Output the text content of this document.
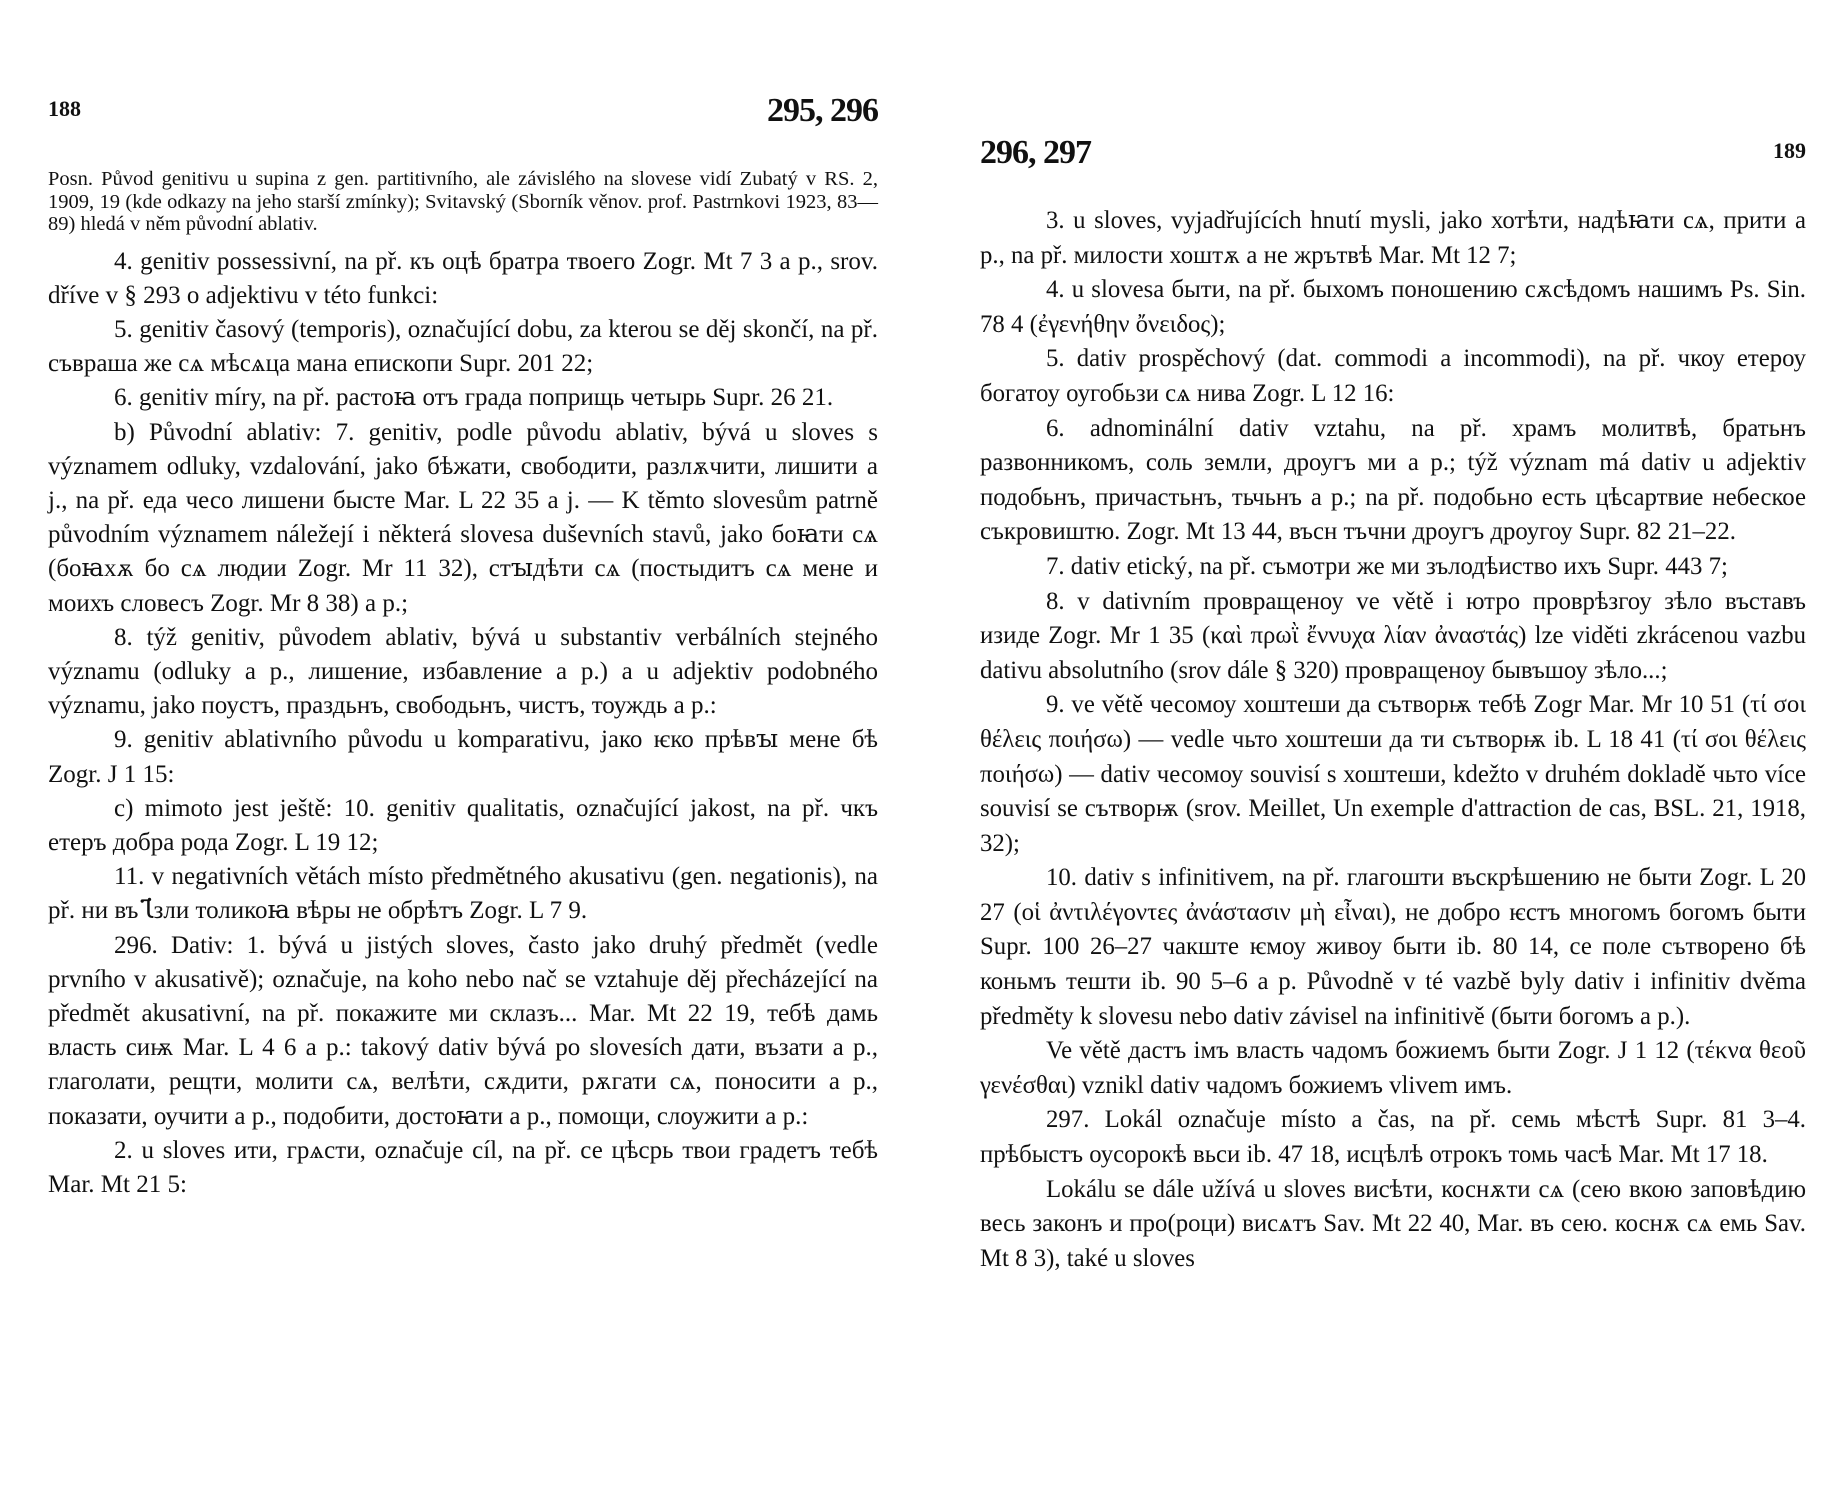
188	295, 296

Posn. Původ genitivu u supina z gen. partitivního, ale závislého na slovese vidí Zubatý v RS. 2, 1909, 19 (kde odkazy na jeho starší zmínky); Svitavský (Sborník věnov. prof. Pastrnkovi 1923, 83—89) hledá v něm původní ablativ.

4. genitiv possessivní, na př. къ оцѣ братра твоего Zogr. Mt 7 3 a p., srov. dříve v § 293 o adjektivu v této funkci:

5. genitiv časový (temporis), označující dobu, za kterou se děj skončí, na př. съвраша же сѧ мѣсѧца мана епископи Supr. 201 22;

6. genitiv míry, na př. растоꙗ отъ града поприщь четырь Supr. 26 21.

b) Původní ablativ: 7. genitiv, podle původu ablativ, bývá u sloves s významem odluky, vzdalování, jako бѣжати, свободити, разлѫчити, лишити a j., na př. еда чесо лишени бысте Mar. L 22 35 a j. — K těmto slovesům patrně původním významem náležejí i některá slovesa duševních stavů, jako боꙗти сѧ (боꙗхѫ бо сѧ людии Zogr. Mr 11 32), стꙑдѣти сѧ (постыдитъ сѧ мене и моихъ словесъ Zogr. Mr 8 38) a p.;

8. týž genitiv, původem ablativ, bývá u substantiv verbálních stejného významu (odluky a p., лишение, избавление a p.) a u adjektiv podobného významu, jako поустъ, праздьнъ, свободьнъ, чистъ, тоуждь a p.:

9. genitiv ablativního původu u komparativu, jако ѥко прѣвꙑ мене бѣ Zogr. J 1 15:

c) mimoto jest ještě: 10. genitiv qualitatis, označující jakost, na př. чкъ етеръ добра рода Zogr. L 19 12;

11. v negativních větách místo předmětného akusativu (gen. negationis), na př. ни въ Ꙇ҃зли толикоꙗ вѣры не обрѣтъ Zogr. L 7 9.

296. Dativ: 1. bývá u jistých sloves, často jako druhý předmět (vedle prvního v akusativě); označuje, na koho nebo nač se vztahuje děj přecházející na předmět akusativní, na př. покажите ми склазъ... Mar. Mt 22 19, тебѣ дамь власть сиѭ Mar. L 4 6 a p.: takový dativ bývá po slovesích дати, възати a p., глаголати, рещти, молити сѧ, велѣти, сѫдити, рѫгати сѧ, поносити a p., показати, оучити a p., подобити, достоꙗти a p., помощи, слоужити a p.:

2. u sloves ити, грѧсти, označuje cíl, na př. се цѣсрь твои градетъ тебѣ Mar. Mt 21 5:

296, 297	189

3. u sloves, vyjadřujících hnutí mysli, jako хотѣти, надѣꙗти сѧ, прити a p., na př. милости хоштѫ а не жрътвѣ Mar. Mt 12 7;

4. u slovesa быти, na př. быхомъ поношению сѫсѣдомъ нашимъ Ps. Sin. 78 4 (ἐγενήθην ὄνειδος);

5. dativ prospěchový (dat. commodi a incommodi), na př. чкоу етероу богатоу оугобьзи сѧ нива Zogr. L 12 16:

6. adnominální dativ vztahu, na př. храмъ молитвѣ, братьнъ развонникомъ, соль земли, дроугъ ми a p.; týž význam má dativ u adjektiv подобьнъ, причастьнъ, тьчьнъ a p.; na př. подобьно есть цѣсартвие небеское съкровиштю. Zogr. Mt 13 44, въсн тъчни дроугъ дроугоу Supr. 82 21–22.

7. dativ etický, na př. съмотри же ми зълодѣиство ихъ Supr. 443 7;

8. v dativním провращеноу ve větě і ютро проврѣзгоу зѣло въставъ изиде Zogr. Mr 1 35 (καὶ πρωῒ ἔννυχα λίαν ἀναστάς) lze viděti zkrácenou vazbu dativu absolutního (srov dále § 320) провращеноу бывъшоу зѣло...;

9. ve větě чесомоу хоштеши да сътворѭ тебѣ Zogr Mar. Mr 10 51 (τί σοι θέλεις ποιήσω) — vedle чьто хоштеши да ти сътворѭ ib. L 18 41 (τί σοι θέλεις ποιήσω) — dativ чесомоу souvisí s хоштеши, kdežto v druhém dokladě чьто více souvisí se сътворѭ (srov. Meillet, Un exemple d'attraction de cas, BSL. 21, 1918, 32);

10. dativ s infinitivem, na př. глагошти въскрѣшению не быти Zogr. L 20 27 (οἱ ἀντιλέγοντες ἀνάστασιν μὴ εἶναι), не добро ѥстъ многомъ богомъ быти Supr. 100 26–27 чакште ѥмоу живоу быти ib. 80 14, се поле сътворено бѣ коньмъ тешти ib. 90 5–6 a p. Původně v té vazbě byly dativ i infinitiv dvěma předměty k slovesu nebo dativ závisel na infinitivě (быти богомъ a p.).

Ve větě дастъ імъ власть чадомъ божиемъ быти Zogr. J 1 12 (τέκνα θεοῦ γενέσθαι) vznikl dativ чадомъ божиемъ vlivem имъ.

297. Lokál označuje místo a čas, na př. семь мѣстѣ Supr. 81 3–4. прѣбыстъ оусорокѣ вьси ib. 47 18, исцѣлѣ отрокъ томь часѣ Mar. Mt 17 18.

Lokálu se dále užívá u sloves висѣти, коснѫти сѧ (сею вкою заповѣдию весь законъ и про(роци) висѧтъ Sav. Mt 22 40, Mar. въ сею. коснѫ сѧ емь Sav. Mt 8 3), také u sloves
